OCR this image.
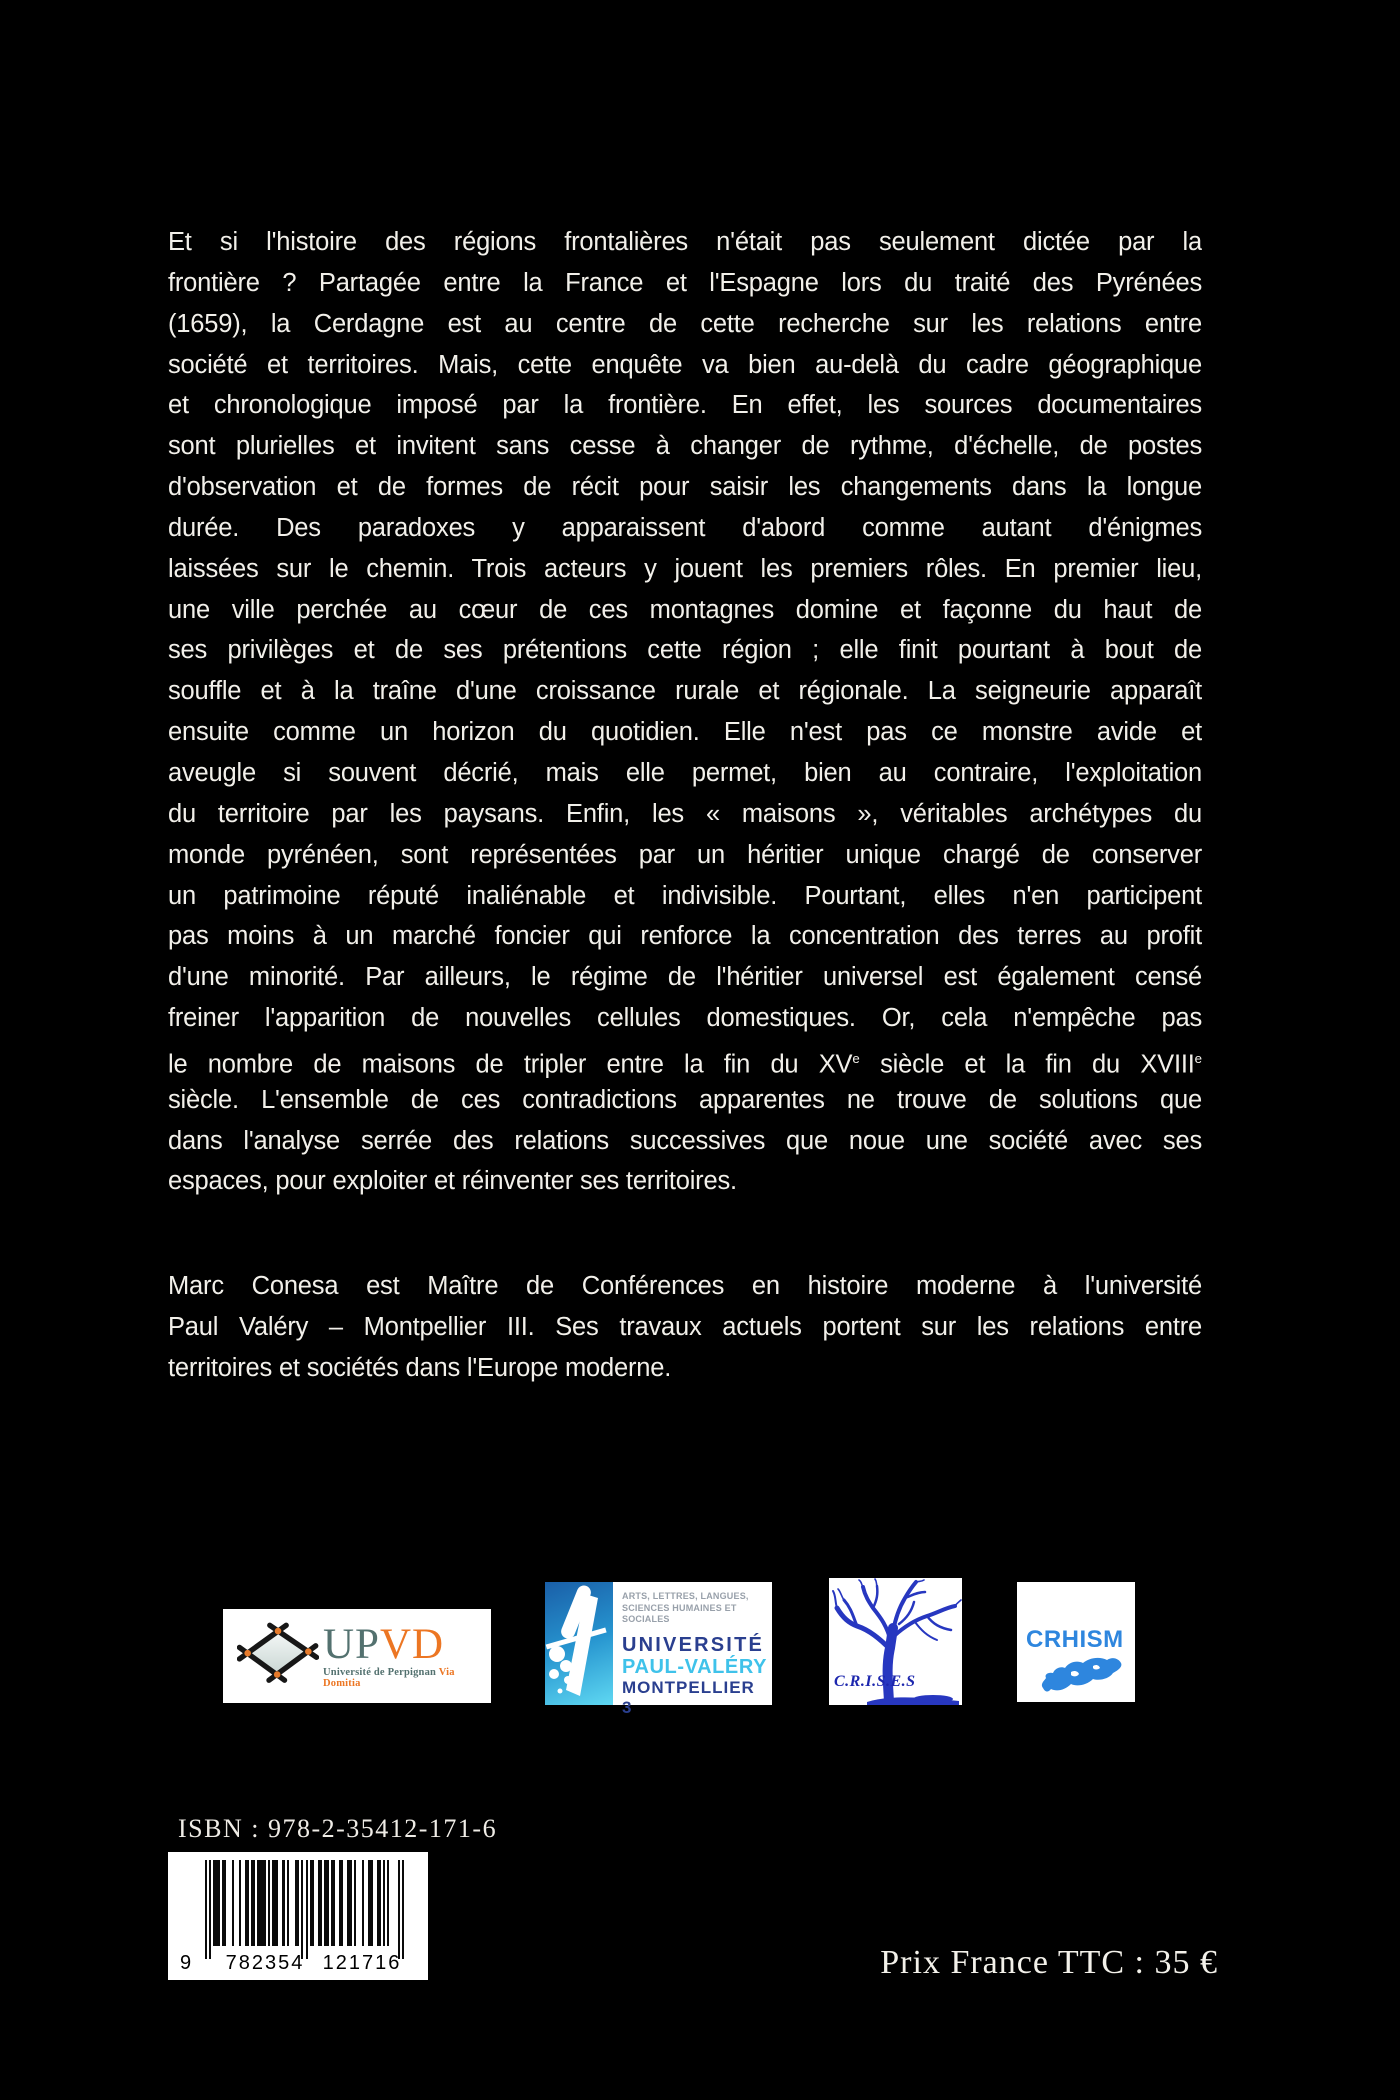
Et si l'histoire des régions frontalières n'était pas seulement dictée par la
frontière ? Partagée entre la France et l'Espagne lors du traité des Pyrénées
(1659), la Cerdagne est au centre de cette recherche sur les relations entre
société et territoires. Mais, cette enquête va bien au-delà du cadre géographique
et chronologique imposé par la frontière. En effet, les sources documentaires
sont plurielles et invitent sans cesse à changer de rythme, d'échelle, de postes
d'observation et de formes de récit pour saisir les changements dans la longue
durée. Des paradoxes y apparaissent d'abord comme autant d'énigmes
laissées sur le chemin. Trois acteurs y jouent les premiers rôles. En premier lieu,
une ville perchée au cœur de ces montagnes domine et façonne du haut de
ses privilèges et de ses prétentions cette région ; elle finit pourtant à bout de
souffle et à la traîne d'une croissance rurale et régionale. La seigneurie apparaît
ensuite comme un horizon du quotidien. Elle n'est pas ce monstre avide et
aveugle si souvent décrié, mais elle permet, bien au contraire, l'exploitation
du territoire par les paysans. Enfin, les « maisons », véritables archétypes du
monde pyrénéen, sont représentées par un héritier unique chargé de conserver
un patrimoine réputé inaliénable et indivisible. Pourtant, elles n'en participent
pas moins à un marché foncier qui renforce la concentration des terres au profit
d'une minorité. Par ailleurs, le régime de l'héritier universel est également censé
freiner l'apparition de nouvelles cellules domestiques. Or, cela n'empêche pas
le nombre de maisons de tripler entre la fin du XVe siècle et la fin du XVIIIe
siècle. L'ensemble de ces contradictions apparentes ne trouve de solutions que
dans l'analyse serrée des relations successives que noue une société avec ses
espaces, pour exploiter et réinventer ses territoires.
Marc Conesa est Maître de Conférences en histoire moderne à l'université
Paul Valéry – Montpellier III. Ses travaux actuels portent sur les relations entre
territoires et sociétés dans l'Europe moderne.
UPVD
Université de Perpignan Via Domitia
ARTS, LETTRES, LANGUES,
SCIENCES HUMAINES ET
SOCIALES
UNIVERSITÉ
PAUL-VALÉRY
MONTPELLIER 3
C.R.I.S.E.S
CRHISM
ISBN : 978-2-35412-171-6
9	782354 121716	Prix France TTC : 35 €
